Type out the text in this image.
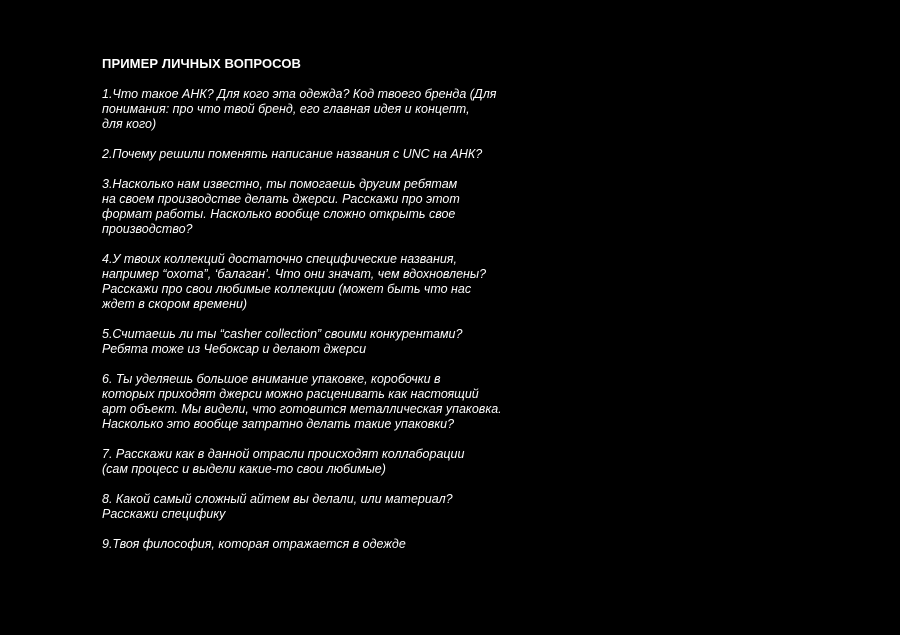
ПРИМЕР ЛИЧНЫХ ВОПРОСОВ

1.Что такое АНК? Для кого эта одежда? Код твоего бренда (Для
понимания: про что твой бренд, его главная идея и концепт,
для кого)

2.Почему решили поменять написание названия с UNC на АНК?

3.Насколько нам известно, ты помогаешь другим ребятам
на своем производстве делать джерси. Расскажи про этот
формат работы. Насколько вообще сложно открыть свое
производство?

4.У твоих коллекций достаточно специфические названия,
например “охота”, ‘балаган’. Что они значат, чем вдохновлены?
Расскажи про свои любимые коллекции (может быть что нас
ждет в скором времени)

5.Считаешь ли ты “casher collection” своими конкурентами?
Ребята тоже из Чебоксар и делают джерси

6. Ты уделяешь большое внимание упаковке, коробочки в
которых приходят джерси можно расценивать как настоящий
арт объект. Мы видели, что готовится металлическая упаковка.
Насколько это вообще затратно делать такие упаковки?

7. Расскажи как в данной отрасли происходят коллаборации
(сам процесс и выдели какие-то свои любимые)

8. Какой самый сложный айтем вы делали, или материал?
Расскажи специфику

9.Твоя философия, которая отражается в одежде
